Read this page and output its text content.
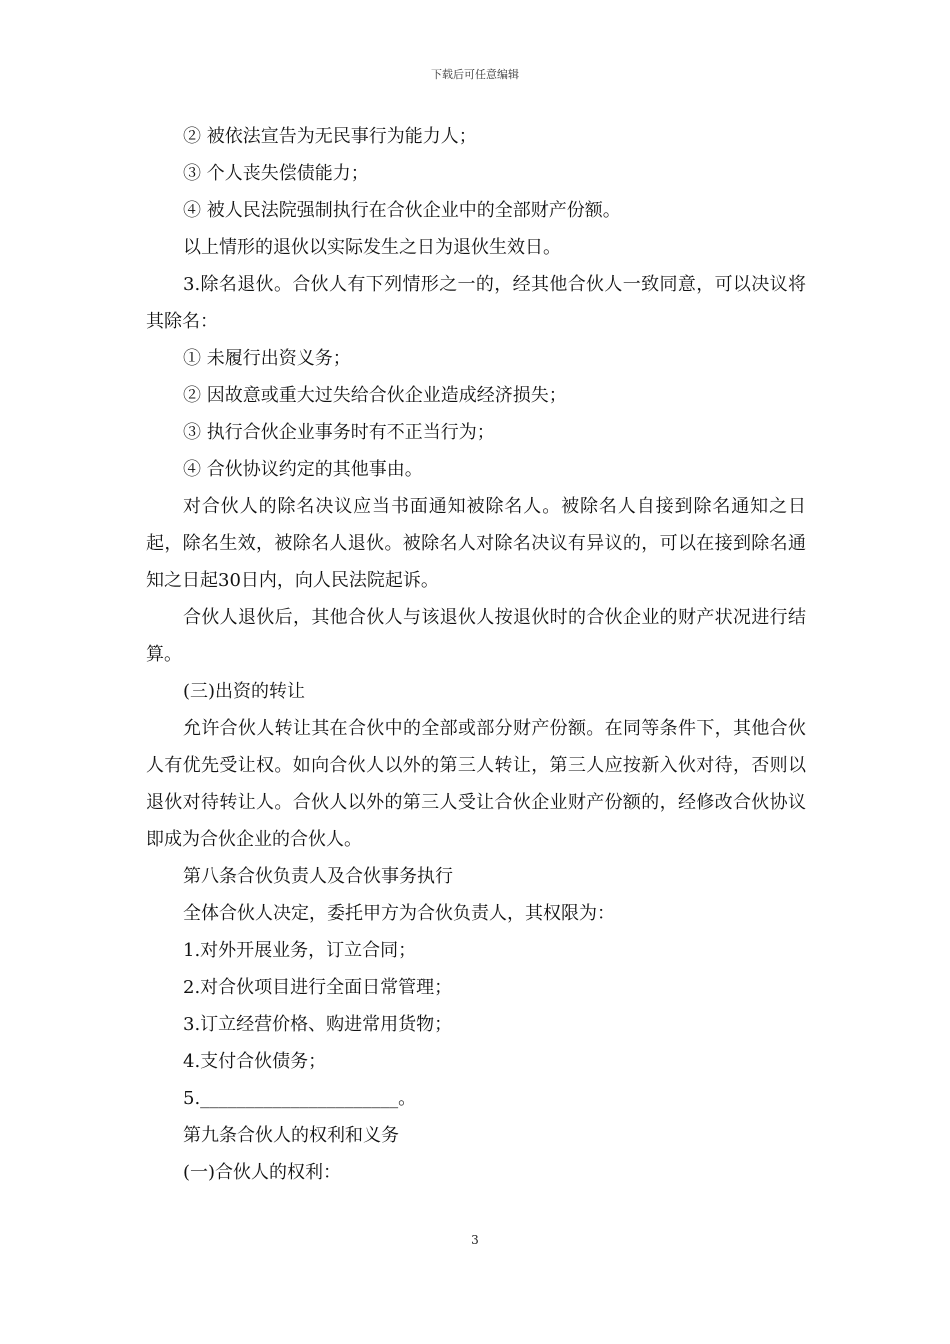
下载后可任意编辑

② 被依法宣告为无民事行为能力人；

③ 个人丧失偿债能力；

④ 被人民法院强制执行在合伙企业中的全部财产份额。

以上情形的退伙以实际发生之日为退伙生效日。

3.除名退伙。合伙人有下列情形之一的，经其他合伙人一致同意，可以决议将其除名：

① 未履行出资义务；

② 因故意或重大过失给合伙企业造成经济损失；

③ 执行合伙企业事务时有不正当行为；

④ 合伙协议约定的其他事由。

对合伙人的除名决议应当书面通知被除名人。被除名人自接到除名通知之日起，除名生效，被除名人退伙。被除名人对除名决议有异议的，可以在接到除名通知之日起30日内，向人民法院起诉。

合伙人退伙后，其他合伙人与该退伙人按退伙时的合伙企业的财产状况进行结算。

(三)出资的转让

允许合伙人转让其在合伙中的全部或部分财产份额。在同等条件下，其他合伙人有优先受让权。如向合伙人以外的第三人转让，第三人应按新入伙对待，否则以退伙对待转让人。合伙人以外的第三人受让合伙企业财产份额的，经修改合伙协议即成为合伙企业的合伙人。

第八条合伙负责人及合伙事务执行

全体合伙人决定，委托甲方为合伙负责人，其权限为：

1.对外开展业务，订立合同；

2.对合伙项目进行全面日常管理；

3.订立经营价格、购进常用货物；

4.支付合伙债务；

5.______________________。

第九条合伙人的权利和义务

(一)合伙人的权利：

3
